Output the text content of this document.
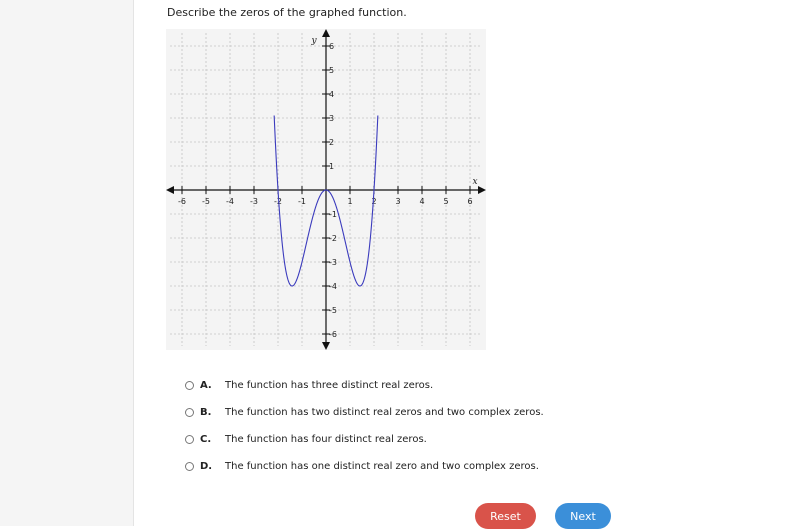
Describe the zeros of the graphed function.
-6 -5 -4 -3 -2 -1	1 2 3 4 5 6
6
5
4
3
2
1
-1
-2
-3
-4
-5
-6
x
y
A.	The function has three distinct real zeros.
B.	The function has two distinct real zeros and two complex zeros.
C.	The function has four distinct real zeros.
D.	The function has one distinct real zero and two complex zeros.
Reset	Next
